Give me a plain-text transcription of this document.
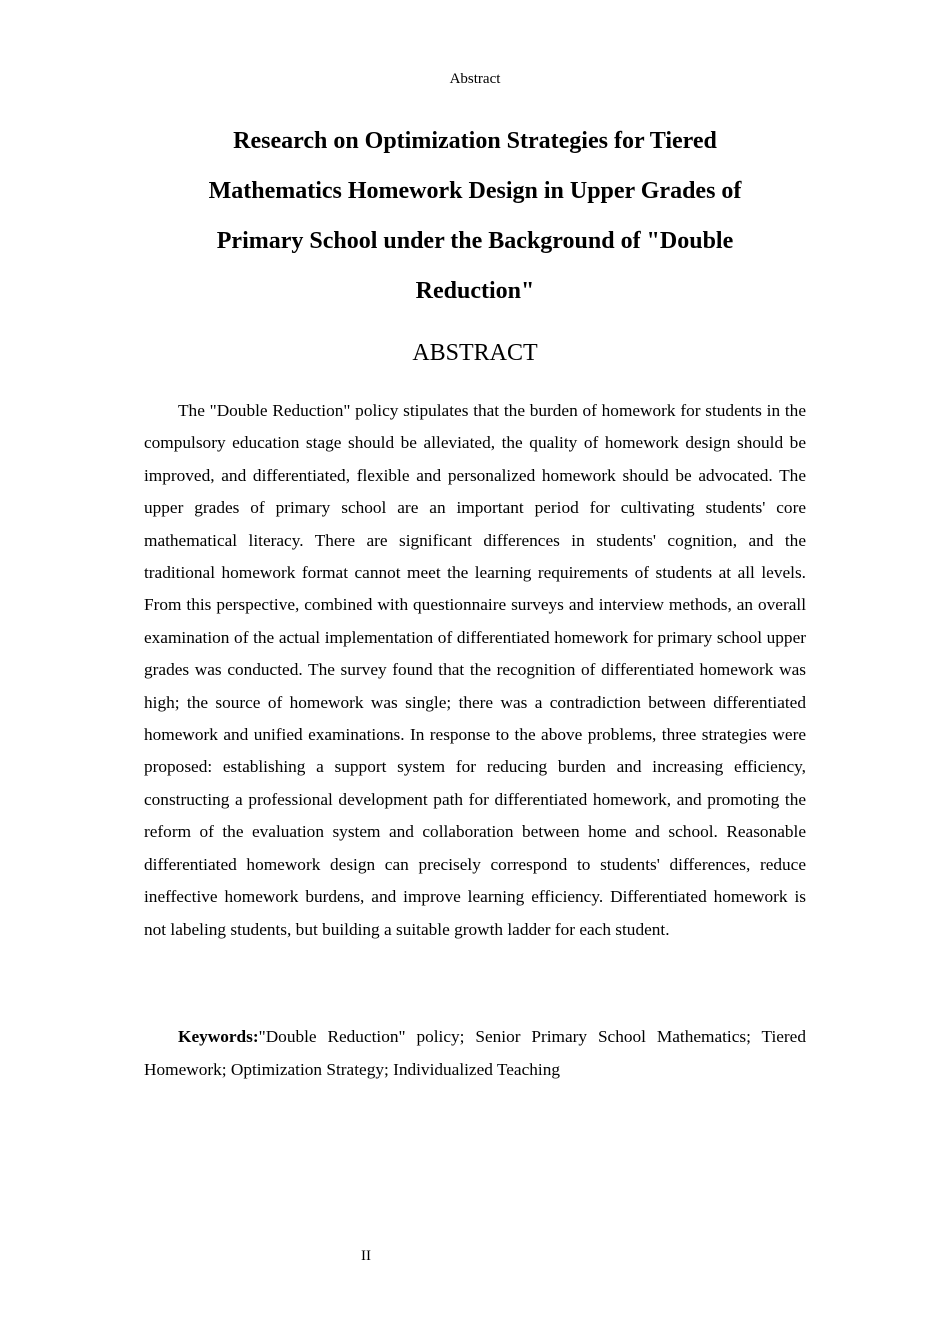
Abstract
Research on Optimization Strategies for Tiered Mathematics Homework Design in Upper Grades of Primary School under the Background of "Double Reduction"
ABSTRACT

The "Double Reduction" policy stipulates that the burden of homework for students in the compulsory education stage should be alleviated, the quality of homework design should be improved, and differentiated, flexible and personalized homework should be advocated. The upper grades of primary school are an important period for cultivating students' core mathematical literacy. There are significant differences in students' cognition, and the traditional homework format cannot meet the learning requirements of students at all levels. From this perspective, combined with questionnaire surveys and interview methods, an overall examination of the actual implementation of differentiated homework for primary school upper grades was conducted. The survey found that the recognition of differentiated homework was high; the source of homework was single; there was a contradiction between differentiated homework and unified examinations. In response to the above problems, three strategies were proposed: establishing a support system for reducing burden and increasing efficiency, constructing a professional development path for differentiated homework, and promoting the reform of the evaluation system and collaboration between home and school. Reasonable differentiated homework design can precisely correspond to students' differences, reduce ineffective homework burdens, and improve learning efficiency. Differentiated homework is not labeling students, but building a suitable growth ladder for each student.

Keywords:"Double Reduction" policy; Senior Primary School Mathematics; Tiered Homework; Optimization Strategy; Individualized Teaching

II
